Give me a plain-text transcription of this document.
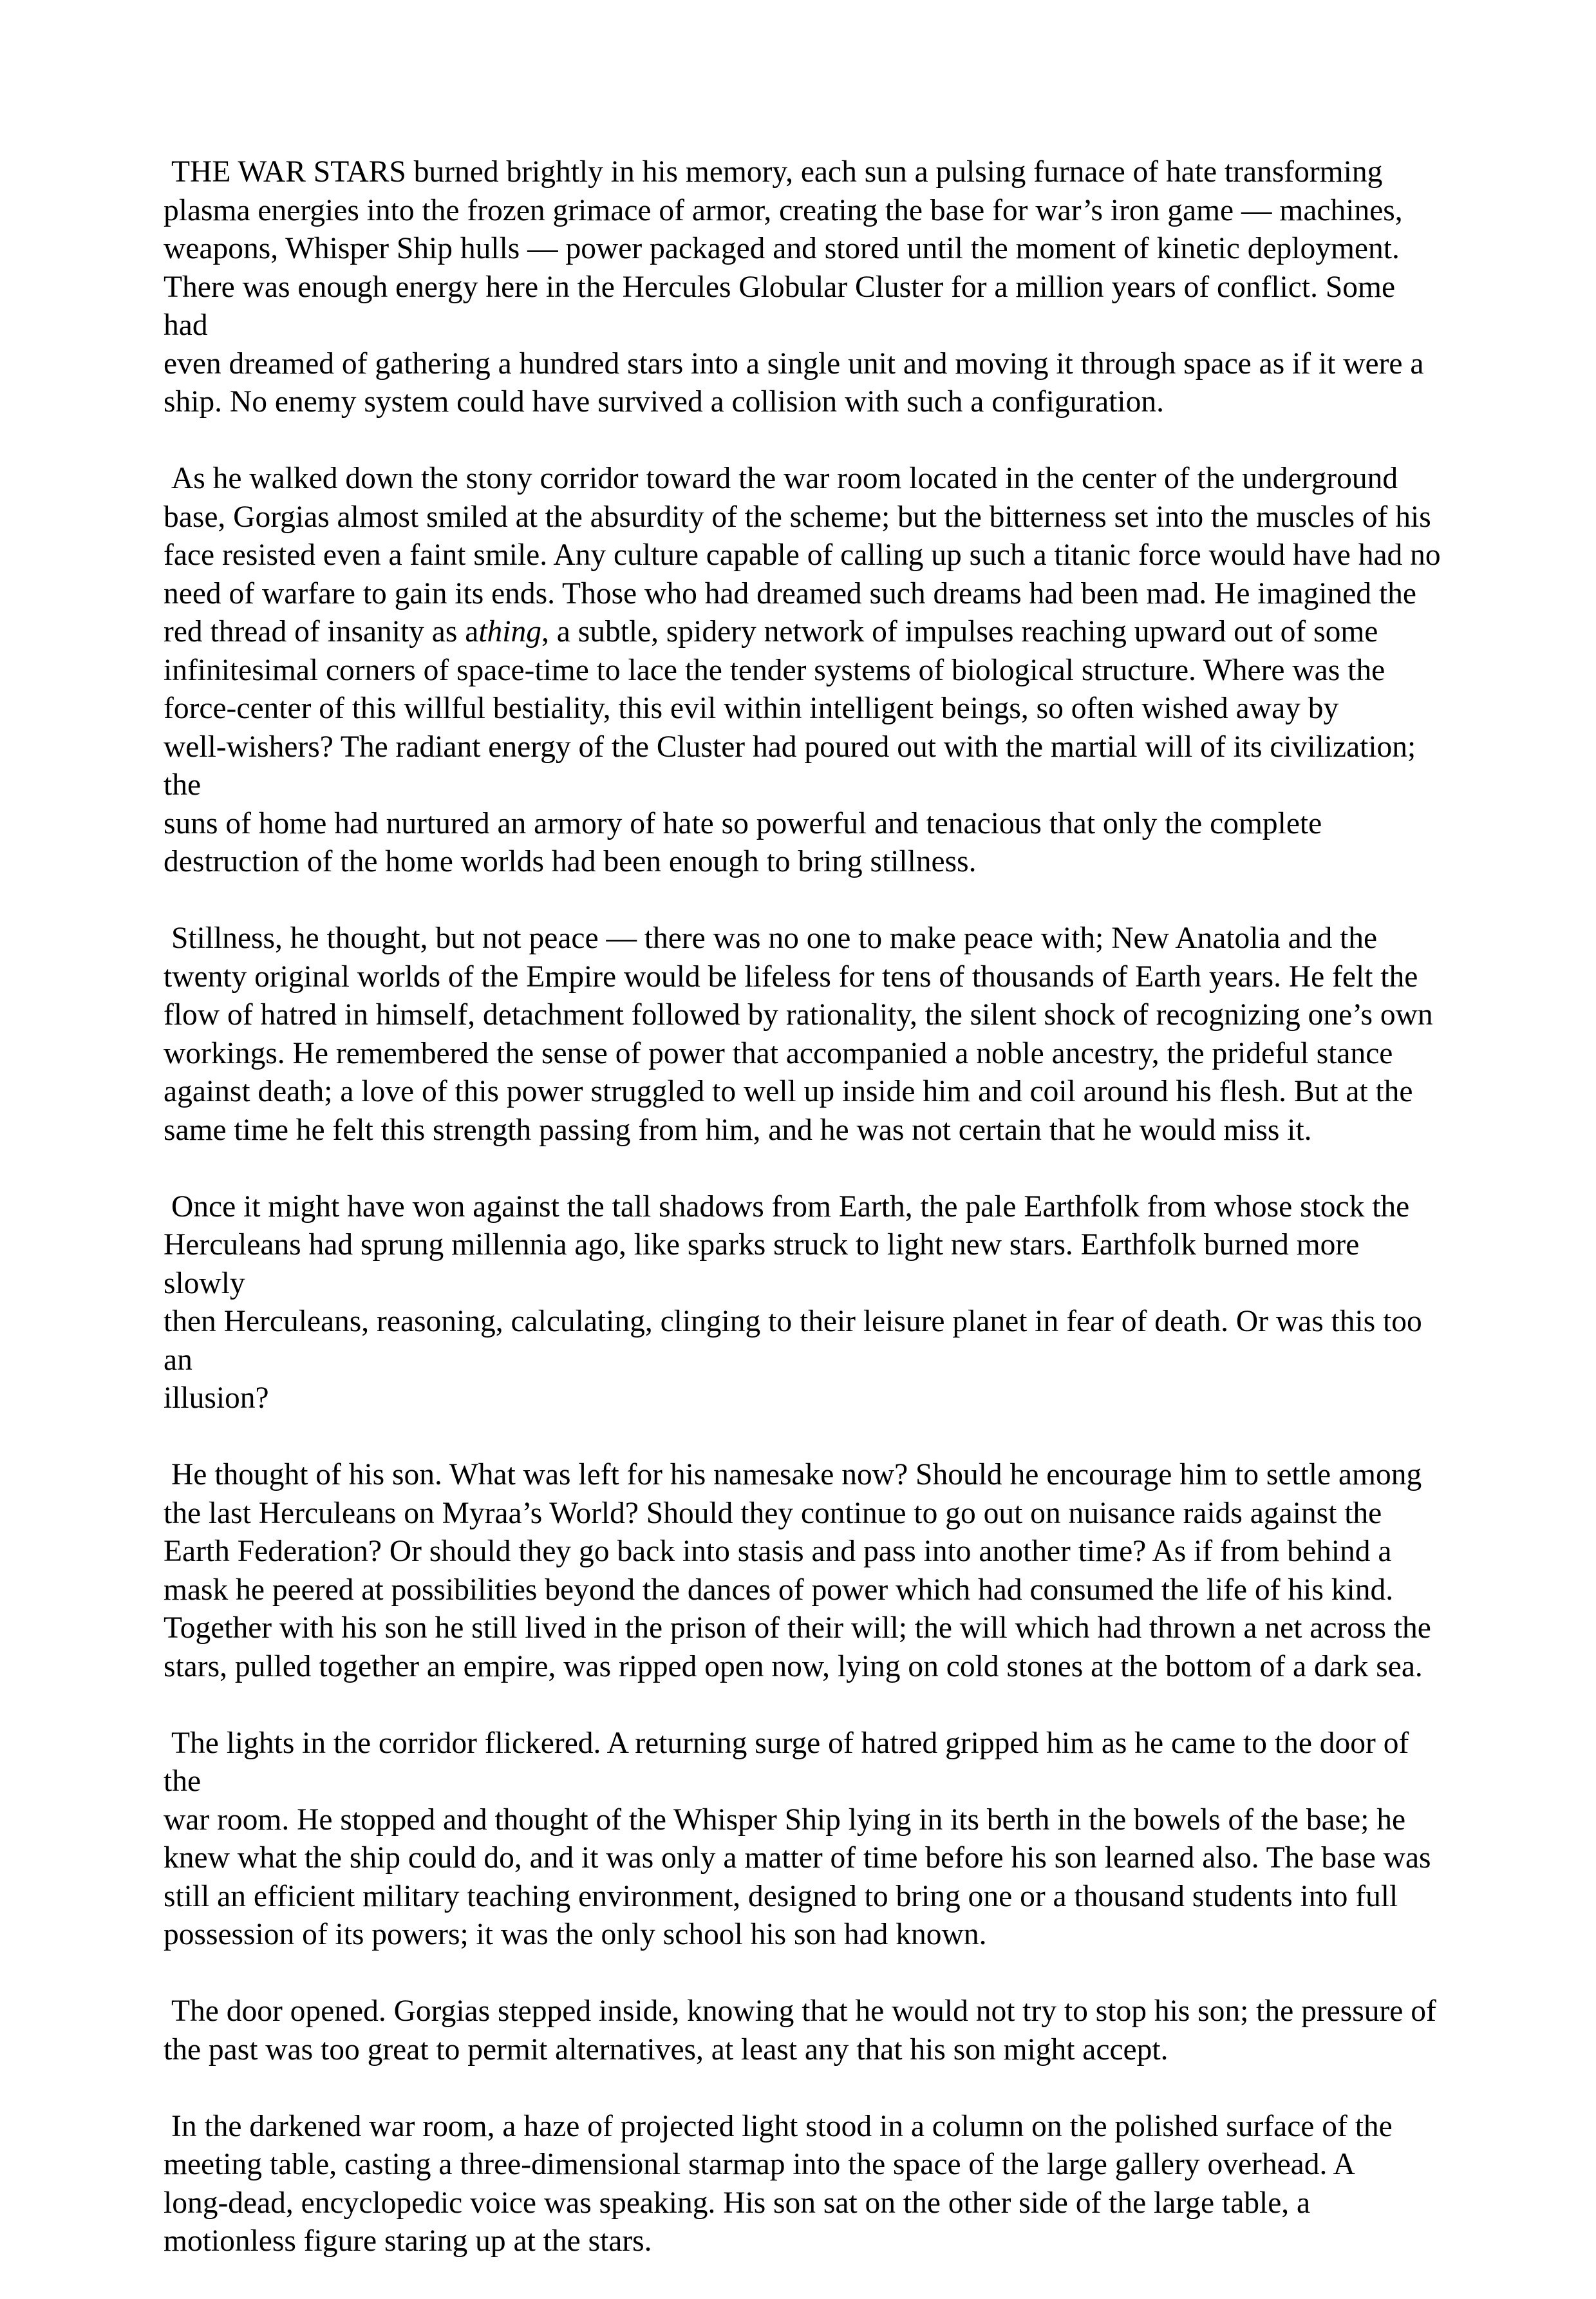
THE WAR STARS burned brightly in his memory, each sun a pulsing furnace of hate transforming
plasma energies into the frozen grimace of armor, creating the base for war’s iron game — machines,
weapons, Whisper Ship hulls — power packaged and stored until the moment of kinetic deployment.
There was enough energy here in the Hercules Globular Cluster for a million years of conflict. Some had
even dreamed of gathering a hundred stars into a single unit and moving it through space as if it were a
ship. No enemy system could have survived a collision with such a configuration.

As he walked down the stony corridor toward the war room located in the center of the underground
base, Gorgias almost smiled at the absurdity of the scheme; but the bitterness set into the muscles of his
face resisted even a faint smile. Any culture capable of calling up such a titanic force would have had no
need of warfare to gain its ends. Those who had dreamed such dreams had been mad. He imagined the
red thread of insanity as athing, a subtle, spidery network of impulses reaching upward out of some
infinitesimal corners of space-time to lace the tender systems of biological structure. Where was the
force-center of this willful bestiality, this evil within intelligent beings, so often wished away by
well-wishers? The radiant energy of the Cluster had poured out with the martial will of its civilization; the
suns of home had nurtured an armory of hate so powerful and tenacious that only the complete
destruction of the home worlds had been enough to bring stillness.

Stillness, he thought, but not peace — there was no one to make peace with; New Anatolia and the
twenty original worlds of the Empire would be lifeless for tens of thousands of Earth years. He felt the
flow of hatred in himself, detachment followed by rationality, the silent shock of recognizing one’s own
workings. He remembered the sense of power that accompanied a noble ancestry, the prideful stance
against death; a love of this power struggled to well up inside him and coil around his flesh. But at the
same time he felt this strength passing from him, and he was not certain that he would miss it.

Once it might have won against the tall shadows from Earth, the pale Earthfolk from whose stock the
Herculeans had sprung millennia ago, like sparks struck to light new stars. Earthfolk burned more slowly
then Herculeans, reasoning, calculating, clinging to their leisure planet in fear of death. Or was this too an
illusion?

He thought of his son. What was left for his namesake now? Should he encourage him to settle among
the last Herculeans on Myraa’s World? Should they continue to go out on nuisance raids against the
Earth Federation? Or should they go back into stasis and pass into another time? As if from behind a
mask he peered at possibilities beyond the dances of power which had consumed the life of his kind.
Together with his son he still lived in the prison of their will; the will which had thrown a net across the
stars, pulled together an empire, was ripped open now, lying on cold stones at the bottom of a dark sea.

The lights in the corridor flickered. A returning surge of hatred gripped him as he came to the door of the
war room. He stopped and thought of the Whisper Ship lying in its berth in the bowels of the base; he
knew what the ship could do, and it was only a matter of time before his son learned also. The base was
still an efficient military teaching environment, designed to bring one or a thousand students into full
possession of its powers; it was the only school his son had known.

The door opened. Gorgias stepped inside, knowing that he would not try to stop his son; the pressure of
the past was too great to permit alternatives, at least any that his son might accept.

In the darkened war room, a haze of projected light stood in a column on the polished surface of the
meeting table, casting a three-dimensional starmap into the space of the large gallery overhead. A
long-dead, encyclopedic voice was speaking. His son sat on the other side of the large table, a
motionless figure staring up at the stars.
